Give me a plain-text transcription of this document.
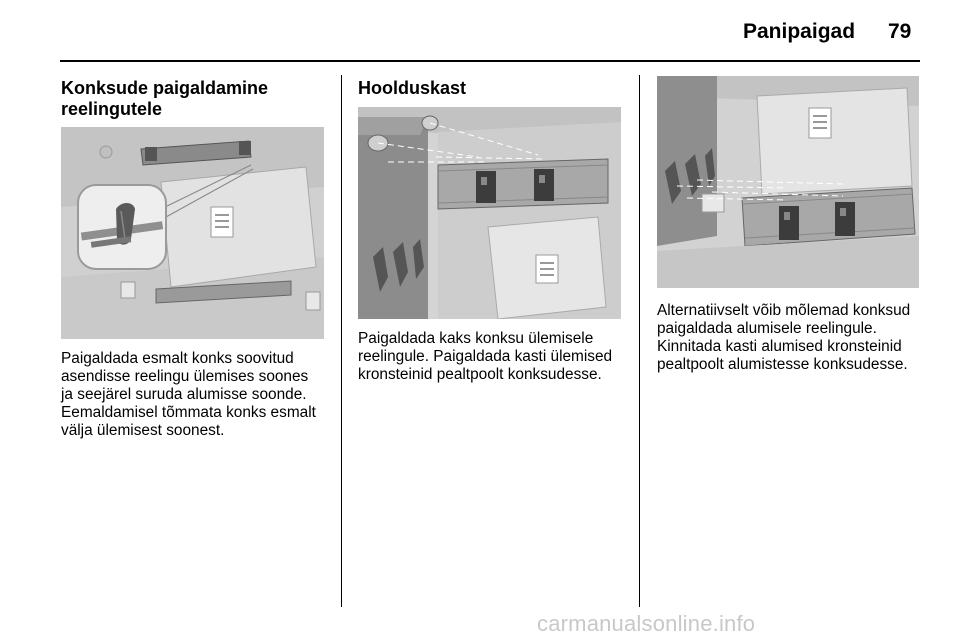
Panipaigad 79
Konksude paigaldamine
reelingutele
Paigaldada esmalt konks soovitud
asendisse reelingu ülemises soones
ja seejärel suruda alumisse soonde.
Eemaldamisel tõmmata konks esmalt
välja ülemisest soonest.
Hoolduskast
Paigaldada kaks konksu ülemisele
reelingule. Paigaldada kasti ülemised
kronsteinid pealtpoolt konksudesse.
Alternatiivselt võib mõlemad konksud
paigaldada alumisele reelingule.
Kinnitada kasti alumised kronsteinid
pealtpoolt alumistesse konksudesse.
carmanualsonline.info
